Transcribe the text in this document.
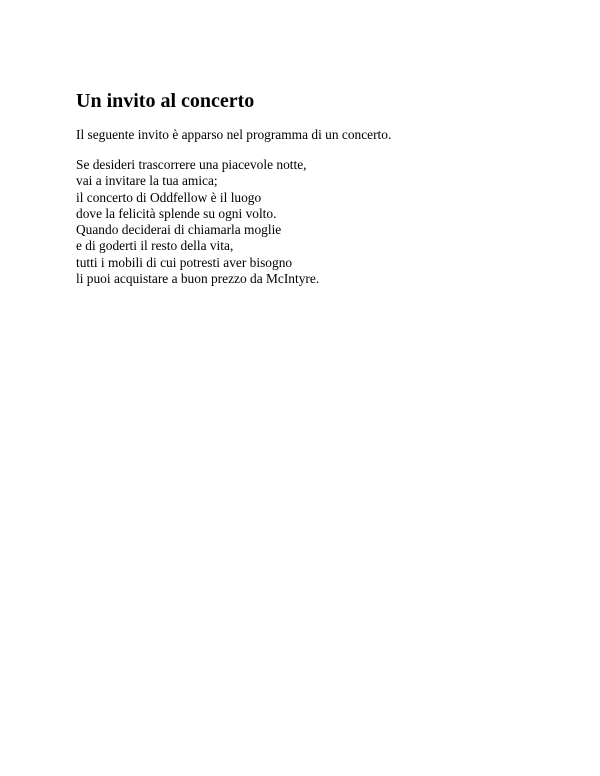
Un invito al concerto

Il seguente invito è apparso nel programma di un concerto.

Se desideri trascorrere una piacevole notte,
vai a invitare la tua amica;
il concerto di Oddfellow è il luogo
dove la felicità splende su ogni volto.
Quando deciderai di chiamarla moglie
e di goderti il resto della vita,
tutti i mobili di cui potresti aver bisogno
li puoi acquistare a buon prezzo da McIntyre.
